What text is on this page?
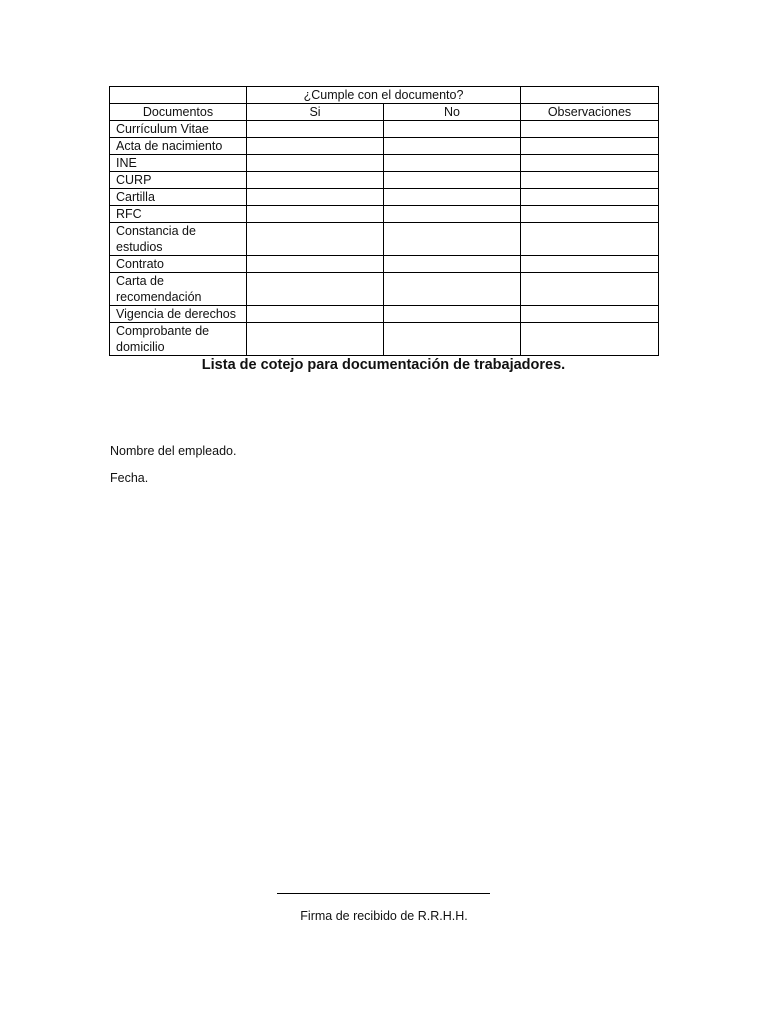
	¿Cumple con el documento?		
Documentos	Si	No	Observaciones
Currículum Vitae			
Acta de nacimiento			
INE			
CURP			
Cartilla			
RFC			
Constancia de estudios			
Contrato			
Carta de recomendación			
Vigencia de derechos			
Comprobante de domicilio			
Lista de cotejo para documentación de trabajadores.
Nombre del empleado.
Fecha.
Firma de recibido de R.R.H.H.
